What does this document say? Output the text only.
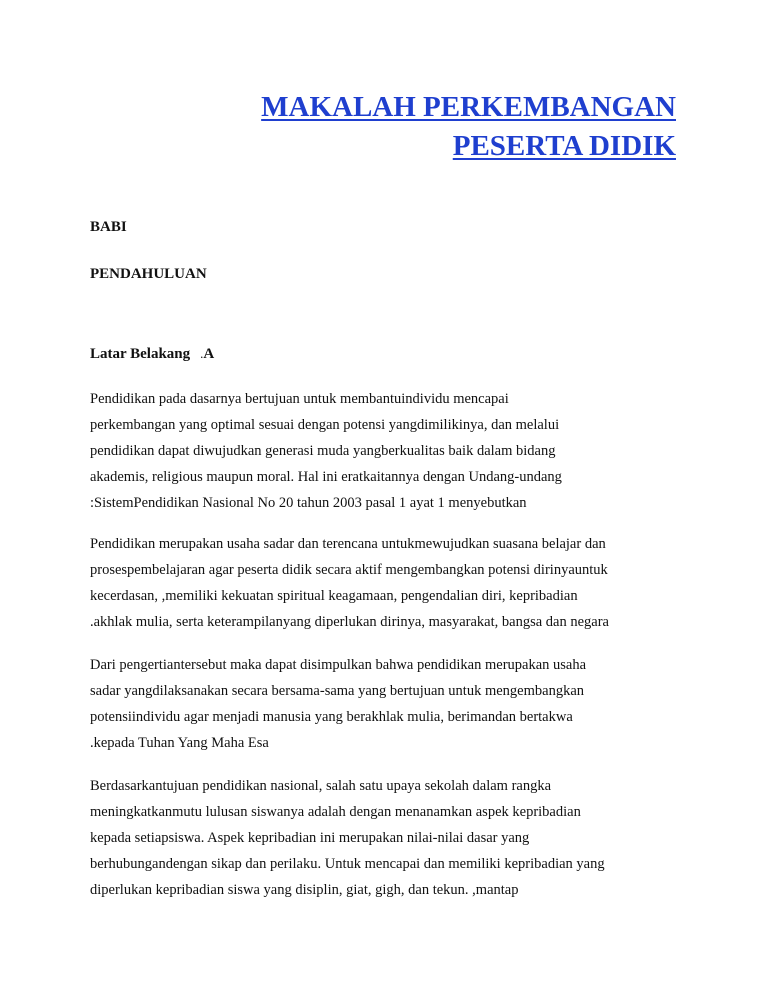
MAKALAH PERKEMBANGAN
PESERTA DIDIK
BABI
PENDAHULUAN
Latar Belakang .A
Pendidikan pada dasarnya bertujuan untuk membantuindividu mencapai
perkembangan yang optimal sesuai dengan potensi yangdimilikinya, dan melalui
pendidikan dapat diwujudkan generasi muda yangberkualitas baik dalam bidang
akademis, religious maupun moral. Hal ini eratkaitannya dengan Undang-undang
:SistemPendidikan Nasional No 20 tahun 2003 pasal 1 ayat 1 menyebutkan
Pendidikan merupakan usaha sadar dan terencana untukmewujudkan suasana belajar dan
prosespembelajaran agar peserta didik secara aktif mengembangkan potensi dirinyauntuk
kecerdasan, ,memiliki kekuatan spiritual keagamaan, pengendalian diri, kepribadian
.akhlak mulia, serta keterampilanyang diperlukan dirinya, masyarakat, bangsa dan negara
Dari pengertiantersebut maka dapat disimpulkan bahwa pendidikan merupakan usaha
sadar yangdilaksanakan secara bersama-sama yang bertujuan untuk mengembangkan
potensiindividu agar menjadi manusia yang berakhlak mulia, berimandan bertakwa
.kepada Tuhan Yang Maha Esa
Berdasarkantujuan pendidikan nasional, salah satu upaya sekolah dalam rangka
meningkatkanmutu lulusan siswanya adalah dengan menanamkan aspek kepribadian
kepada setiapsiswa. Aspek kepribadian ini merupakan nilai-nilai dasar yang
berhubungandengan sikap dan perilaku. Untuk mencapai dan memiliki kepribadian yang
diperlukan kepribadian siswa yang disiplin, giat, gigh, dan tekun. ,mantap
